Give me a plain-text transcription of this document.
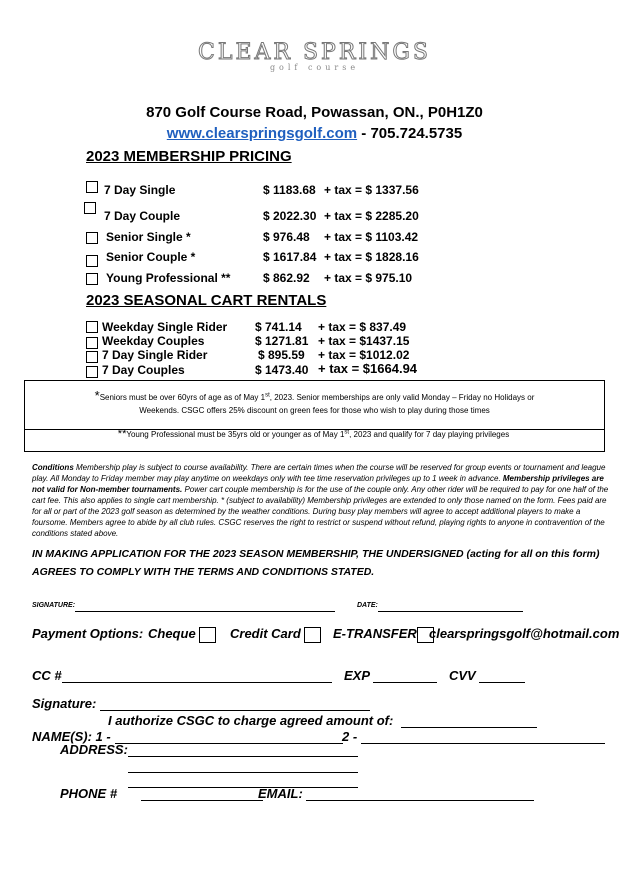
CLEAR SPRINGS
golf course
870 Golf Course Road, Powassan, ON., P0H1Z0
www.clearspringsgolf.com - 705.724.5735
2023 MEMBERSHIP PRICING
7 Day Single	$ 1183.68 + tax = $ 1337.56
7 Day Couple	$ 2022.30 + tax = $ 2285.20
Senior Single *	$ 976.48 + tax = $ 1103.42
Senior Couple *	$ 1617.84 + tax = $ 1828.16
Young Professional **	$ 862.92 + tax = $ 975.10
2023 SEASONAL CART RENTALS
Weekday Single Rider $ 741.14 + tax = $ 837.49
Weekday Couples	$ 1271.81 + tax = $1437.15
7 Day Single Rider	$ 895.59 + tax = $1012.02
7 Day Couples	$ 1473.40 + tax = $1664.94
*Seniors must be over 60yrs of age as of May 1st, 2023. Senior memberships are only valid Monday – Friday no Holidays or
Weekends. CSGC offers 25% discount on green fees for those who wish to play during those times
**Young Professional must be 35yrs old or younger as of May 1st, 2023 and qualify for 7 day playing privileges
Conditions Membership play is subject to course availability. There are certain times when the course will be reserved for group events or tournament and league play. All Monday to Friday member may play anytime on weekdays only with tee time reservation privileges up to 1 week in advance. Membership privileges are not valid for Non-member tournaments. Power cart couple membership is for the use of the couple only. Any other rider will be required to pay for one half of the cart fee. This also applies to single cart membership. * (subject to availability) Membership privileges are extended to only those named on the form. Fees paid are for all or part of the 2023 golf season as determined by the weather conditions. During busy play members will agree to accept additional players to make a foursome. Members agree to abide by all club rules. CSGC reserves the right to restrict or suspend without refund, playing rights to anyone in contravention of the conditions stated above.
IN MAKING APPLICATION FOR THE 2023 SEASON MEMBERSHIP, THE UNDERSIGNED (acting for all on this form)
AGREES TO COMPLY WITH THE TERMS AND CONDITIONS STATED.
SIGNATURE:	DATE:
Payment Options: Cheque	Credit Card	E-TRANSFER clearspringsgolf@hotmail.com
CC #	EXP	CVV
Signature:
I authorize CSGC to charge agreed amount of:
NAME(S): 1 -	2 -
ADDRESS:
PHONE #	EMAIL:
